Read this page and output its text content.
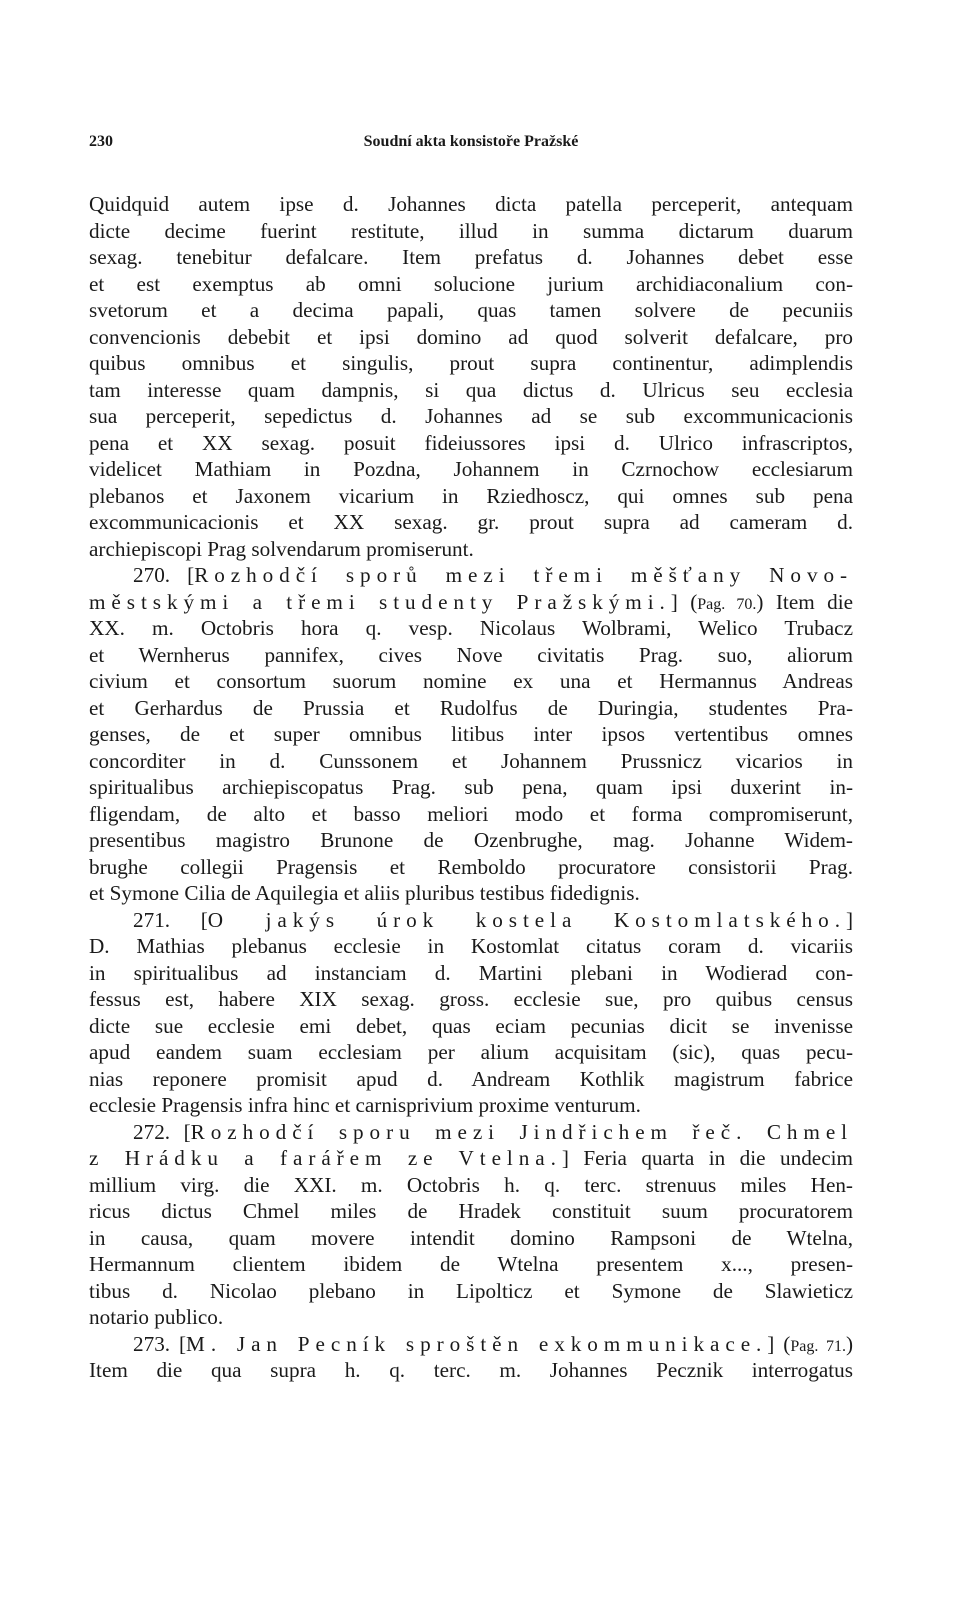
230	Soudní akta konsistoře Pražské
Quidquid autem ipse d. Johannes dicta patella perceperit, antequam
dicte decime fuerint restitute, illud in summa dictarum duarum
sexag. tenebitur defalcare. Item prefatus d. Johannes debet esse
et est exemptus ab omni solucione jurium archidiaconalium con-
svetorum et a decima papali, quas tamen solvere de pecuniis
convencionis debebit et ipsi domino ad quod solverit defalcare, pro
quibus omnibus et singulis, prout supra continentur, adimplendis
tam interesse quam dampnis, si qua dictus d. Ulricus seu ecclesia
sua perceperit, sepedictus d. Johannes ad se sub excommunicacionis
pena et XX sexag. posuit fideiussores ipsi d. Ulrico infrascriptos,
videlicet Mathiam in Pozdna, Johannem in Czrnochow ecclesiarum
plebanos et Jaxonem vicarium in Rziedhoscz, qui omnes sub pena
excommunicacionis et XX sexag. gr. prout supra ad cameram d.
archiepiscopi Prag solvendarum promiserunt.
270. [Rozhodčí sporů mezi třemi měšťany Novo-
městskými a třemi studenty Pražskými.] (Pag. 70.) Item die
XX. m. Octobris hora q. vesp. Nicolaus Wolbrami, Welico Trubacz
et Wernherus pannifex, cives Nove civitatis Prag. suo, aliorum
civium et consortum suorum nomine ex una et Hermannus Andreas
et Gerhardus de Prussia et Rudolfus de Duringia, studentes Pra-
genses, de et super omnibus litibus inter ipsos vertentibus omnes
concorditer in d. Cunssonem et Johannem Prussnicz vicarios in
spiritualibus archiepiscopatus Prag. sub pena, quam ipsi duxerint in-
fligendam, de alto et basso meliori modo et forma compromiserunt,
presentibus magistro Brunone de Ozenbrughe, mag. Johanne Widem-
brughe collegii Pragensis et Remboldo procuratore consistorii Prag.
et Symone Cilia de Aquilegia et aliis pluribus testibus fidedignis.
271. [O jakýs úrok kostela Kostomlatského.]
D. Mathias plebanus ecclesie in Kostomlat citatus coram d. vicariis
in spiritualibus ad instanciam d. Martini plebani in Wodierad con-
fessus est, habere XIX sexag. gross. ecclesie sue, pro quibus census
dicte sue ecclesie emi debet, quas eciam pecunias dicit se invenisse
apud eandem suam ecclesiam per alium acquisitam (sic), quas pecu-
nias reponere promisit apud d. Andream Kothlik magistrum fabrice
ecclesie Pragensis infra hinc et carnisprivium proxime venturum.
272. [Rozhodčí sporu mezi Jindřichem řeč. Chmel
z Hrádku a farářem ze Vtelna.] Feria quarta in die undecim
millium virg. die XXI. m. Octobris h. q. terc. strenuus miles Hen-
ricus dictus Chmel miles de Hradek constituit suum procuratorem
in causa, quam movere intendit domino Rampsoni de Wtelna,
Hermannum clientem ibidem de Wtelna presentem x..., presen-
tibus d. Nicolao plebano in Lipolticz et Symone de Slawieticz
notario publico.
273. [M. Jan Pecník sproštěn exkommunikace.] (Pag. 71.)
Item die qua supra h. q. terc. m. Johannes Pecznik interrogatus
